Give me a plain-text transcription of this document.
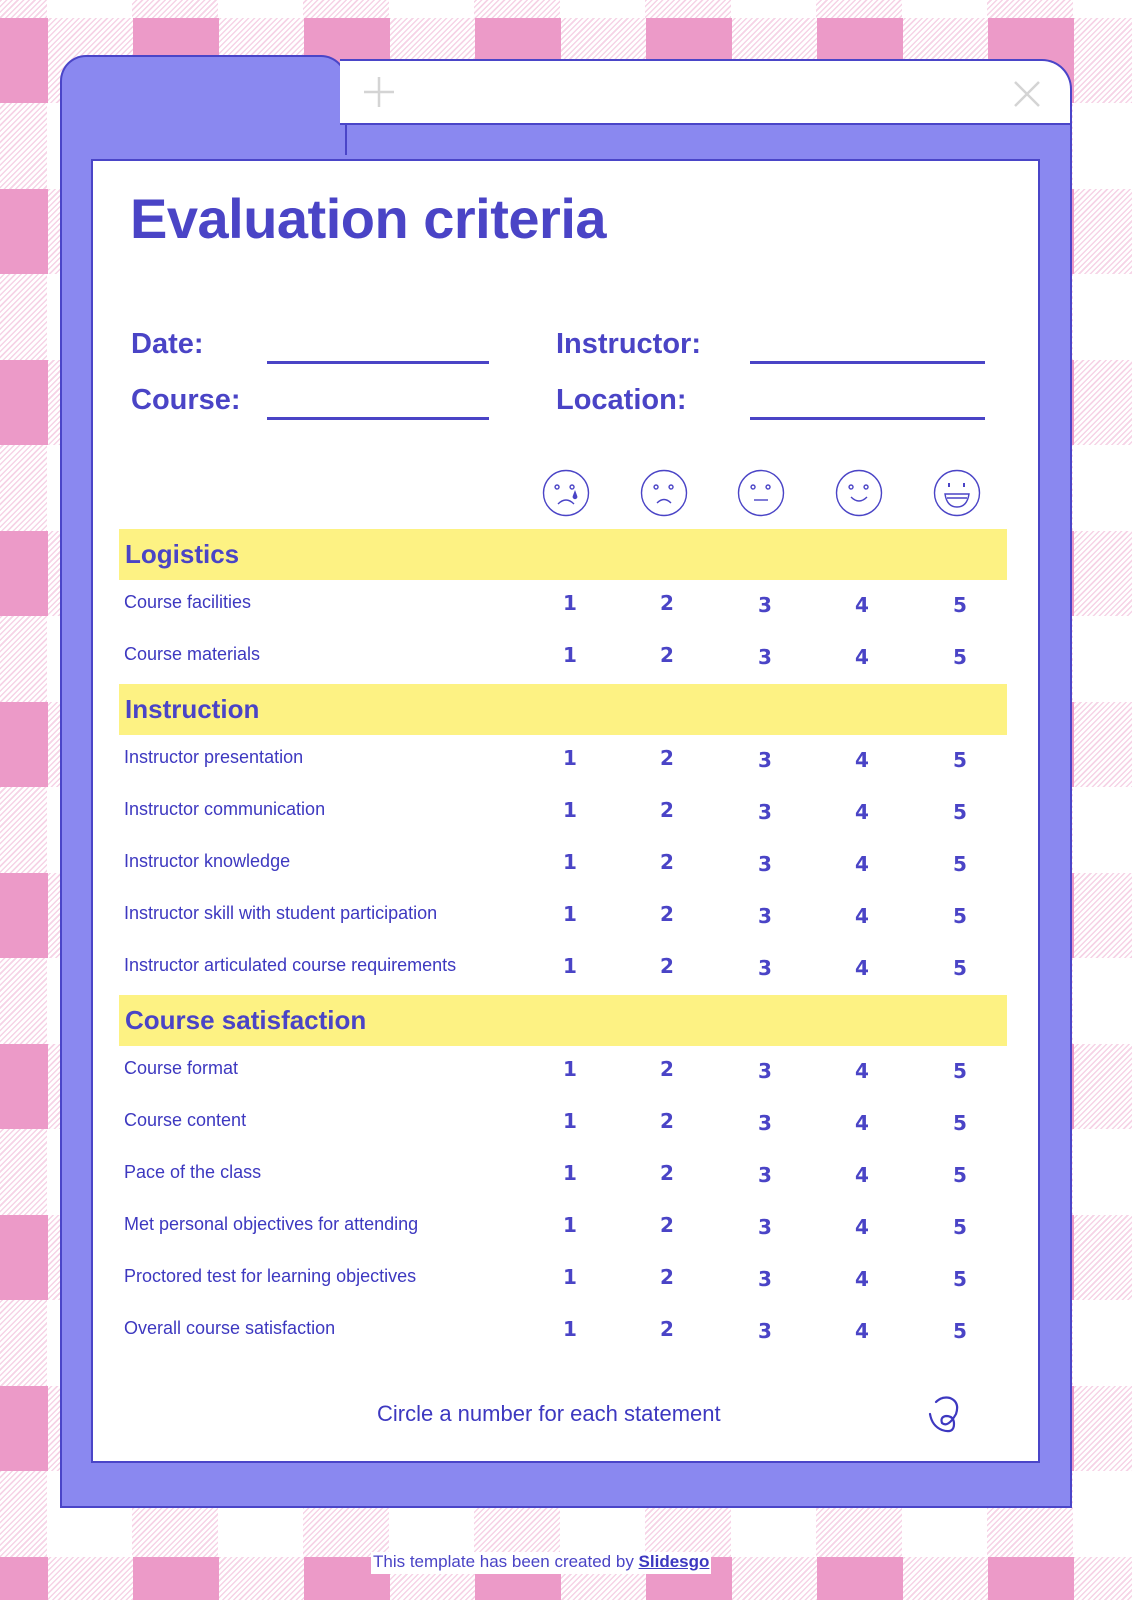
Evaluation criteria
Date:
Course:
Instructor:
Location:
Logistics
Course facilities	1	2	3	4	5
Course materials	1	2	3	4	5
Instruction
Instructor presentation	1	2	3	4	5
Instructor communication	1	2	3	4	5
Instructor knowledge	1	2	3	4	5
Instructor skill with student participation	1	2	3	4	5
Instructor articulated course requirements	1	2	3	4	5
Course satisfaction
Course format	1	2	3	4	5
Course content	1	2	3	4	5
Pace of the class	1	2	3	4	5
Met personal objectives for attending	1	2	3	4	5
Proctored test for learning objectives	1	2	3	4	5
Overall course satisfaction	1	2	3	4	5
Circle a number for each statement
This template has been created by Slidesgo
